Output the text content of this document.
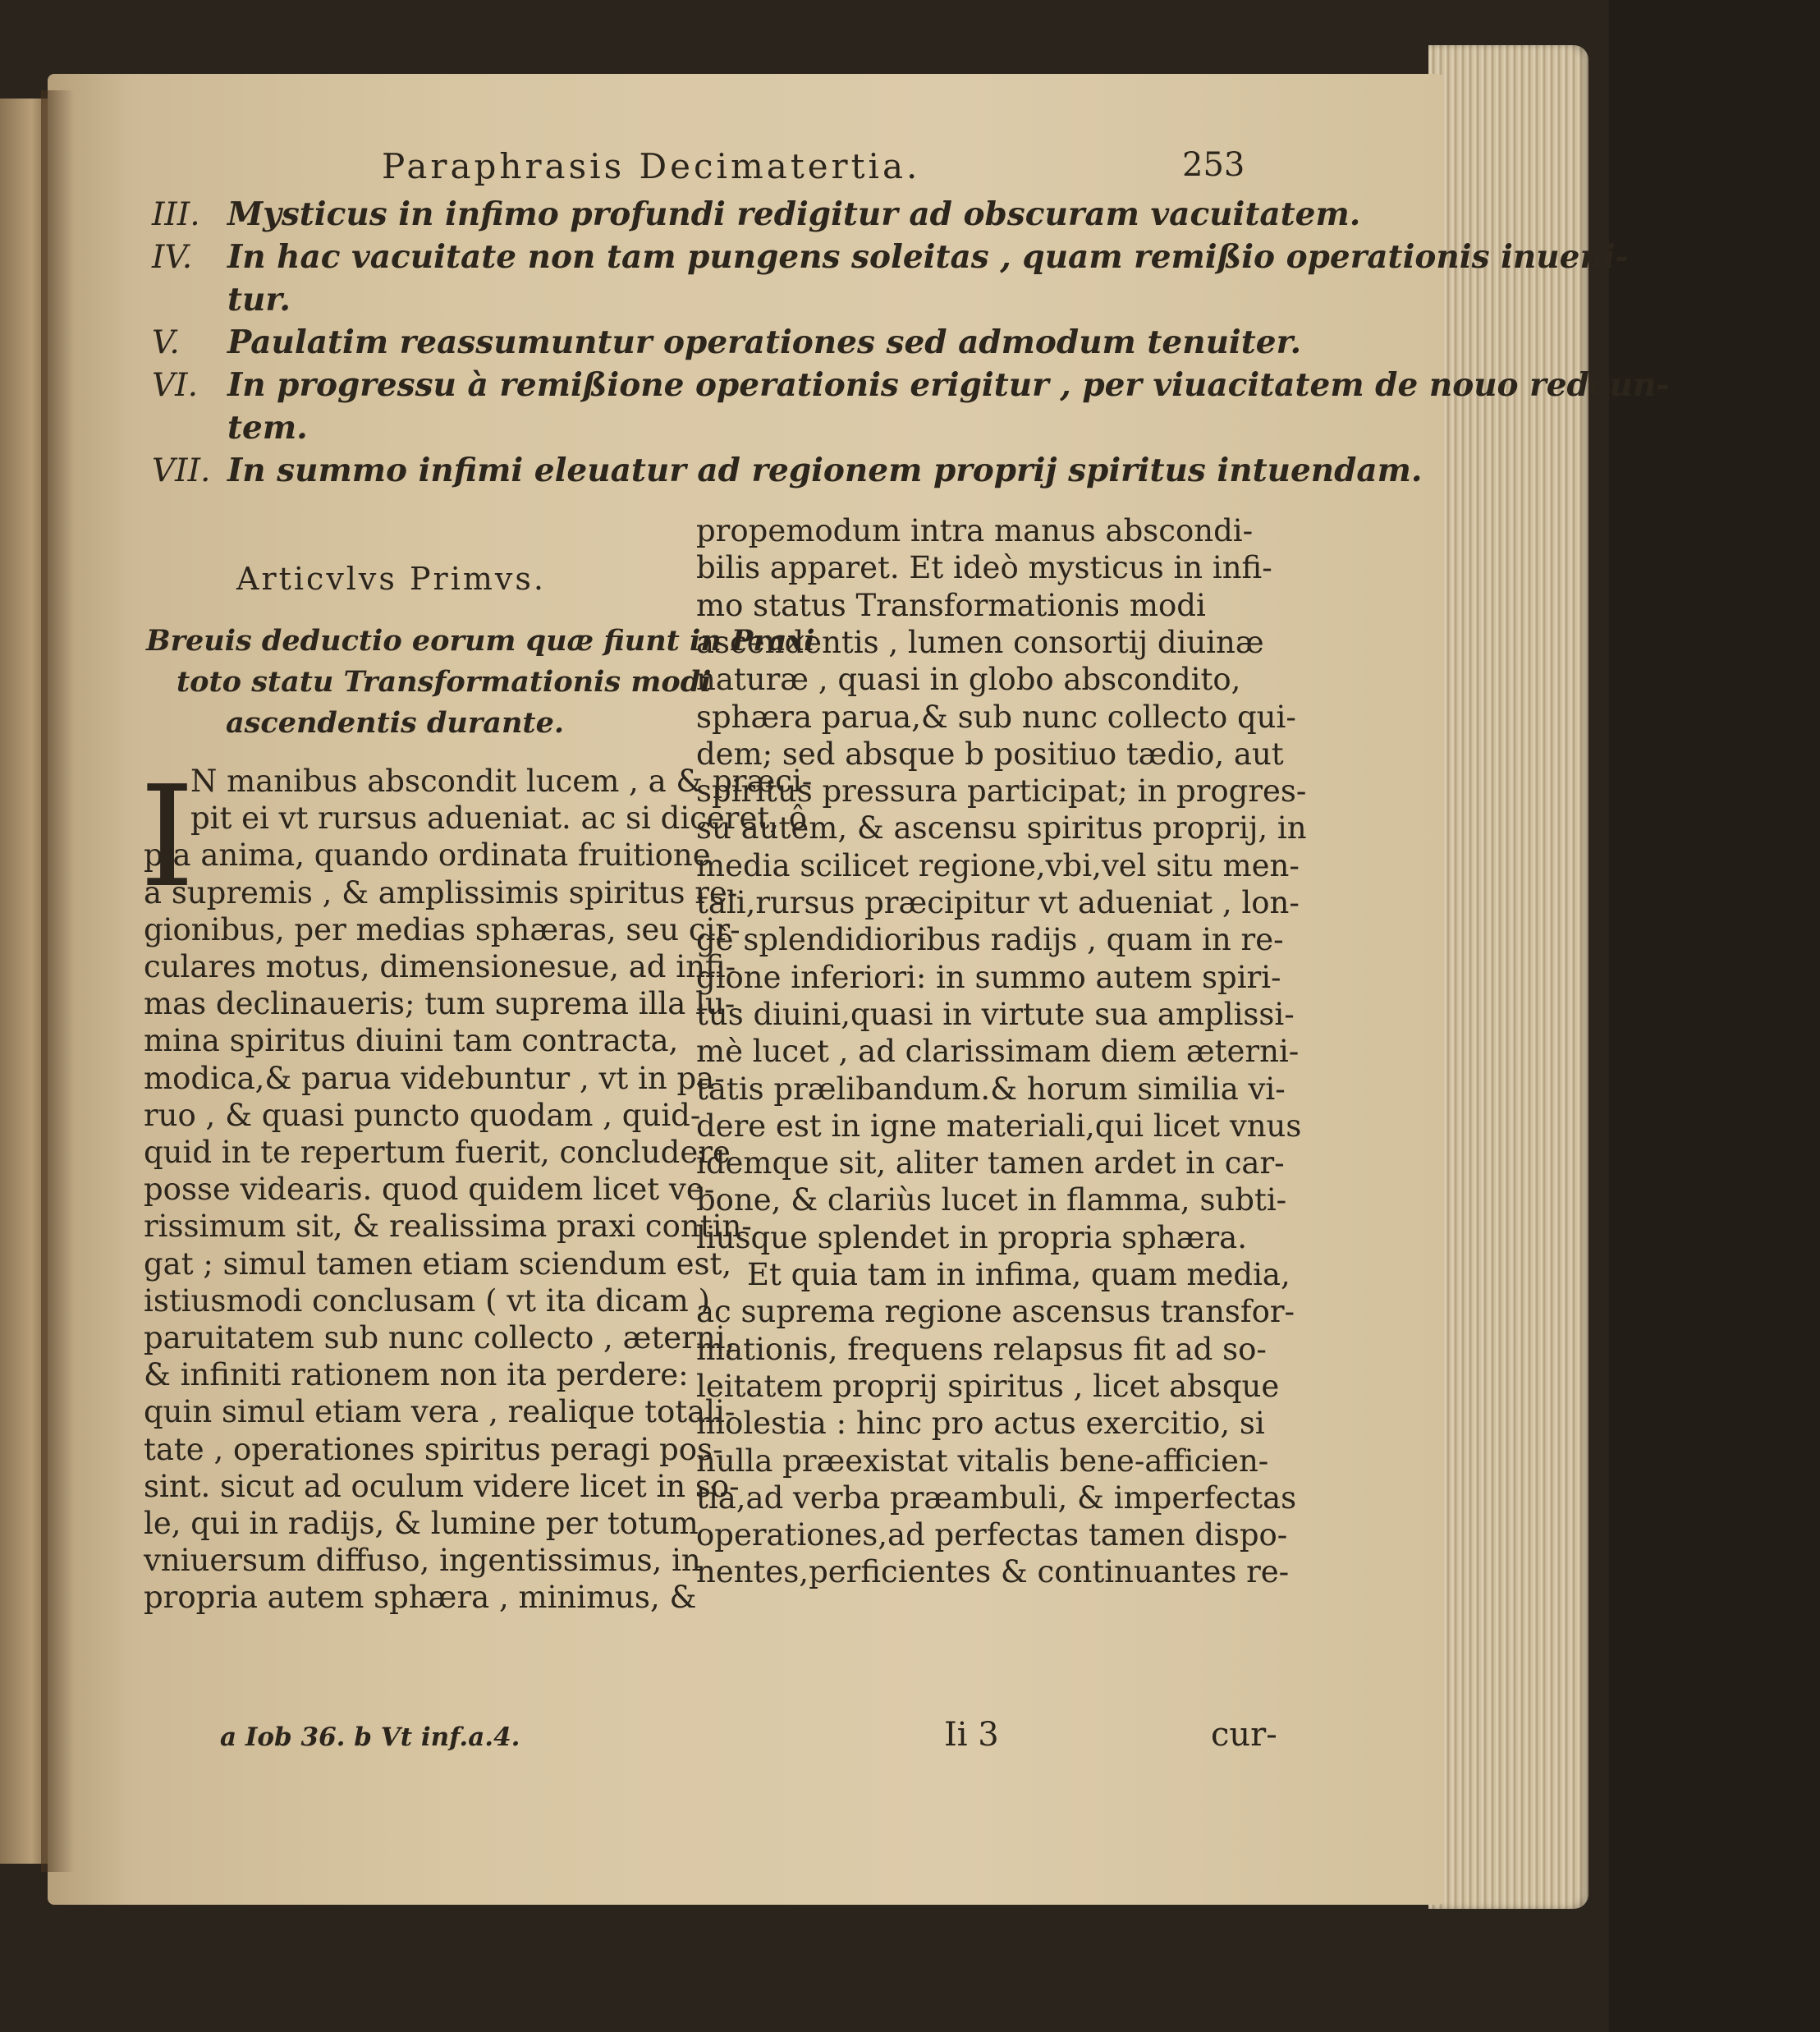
Paraphrasis Decimatertia.	253
III. Mysticus in infimo profundi redigitur ad obscuram vacuitatem.
IV. In hac vacuitate non tam pungens soleitas , quam remißio operationis inueni-
tur.
V. Paulatim reassumuntur operationes sed admodum tenuiter.
VI. In progressu à remißione operationis erigitur , per viuacitatem de nouo redeun-
tem.
VII. In summo infimi eleuatur ad regionem proprij spiritus intuendam.
Articvlvs Primvs.
Breuis deductio eorum quæ fiunt in Praxi
toto statu Transformationis modi
ascendentis durante.
I
N manibus abscondit lucem , a & præci-
pit ei vt rursus adueniat. ac si diceret, ô
pia anima, quando ordinata fruitione
à supremis , & amplissimis spiritus re-
gionibus, per medias sphæras, seu cir-
culares motus, dimensionesue, ad infi-
mas declinaueris; tum suprema illa lu-
mina spiritus diuini tam contracta,
modica,& parua videbuntur , vt in pa-
ruo , & quasi puncto quodam , quid-
quid in te repertum fuerit, concludere
posse videaris. quod quidem licet ve-
rissimum sit, & realissima praxi contin-
gat ; simul tamen etiam sciendum est,
istiusmodi conclusam ( vt ita dicam )
paruitatem sub nunc collecto , æterni,
& infiniti rationem non ita perdere:
quin simul etiam vera , realique totali-
tate , operationes spiritus peragi pos-
sint. sicut ad oculum videre licet in so-
le, qui in radijs, & lumine per totum
vniuersum diffuso, ingentissimus, in
propria autem sphæra , minimus, &
propemodum intra manus abscondi-
bilis apparet. Et ideò mysticus in infi-
mo status Transformationis modi
ascendentis , lumen consortij diuinæ
naturæ , quasi in globo abscondito,
sphæra parua,& sub nunc collecto qui-
dem; sed absque b positiuo tædio, aut
spiritus pressura participat; in progres-
su autem, & ascensu spiritus proprij, in
media scilicet regione,vbi,vel situ men-
tali,rursus præcipitur vt adueniat , lon-
gè splendidioribus radijs , quam in re-
gione inferiori: in summo autem spiri-
tus diuini,quasi in virtute sua amplissi-
mè lucet , ad clarissimam diem æterni-
tatis prælibandum.& horum similia vi-
dere est in igne materiali,qui licet vnus
idemque sit, aliter tamen ardet in car-
bone, & clariùs lucet in flamma, subti-
liusque splendet in propria sphæra.
Et quia tam in infima, quam media,
ac suprema regione ascensus transfor-
mationis, frequens relapsus fit ad so-
leitatem proprij spiritus , licet absque
molestia : hinc pro actus exercitio, si
nulla præexistat vitalis bene-afficien-
tia,ad verba præambuli, & imperfectas
operationes,ad perfectas tamen dispo-
nentes,perficientes & continuantes re-
Ii 3	cur-
a Iob 36. b Vt inf.a.4.
